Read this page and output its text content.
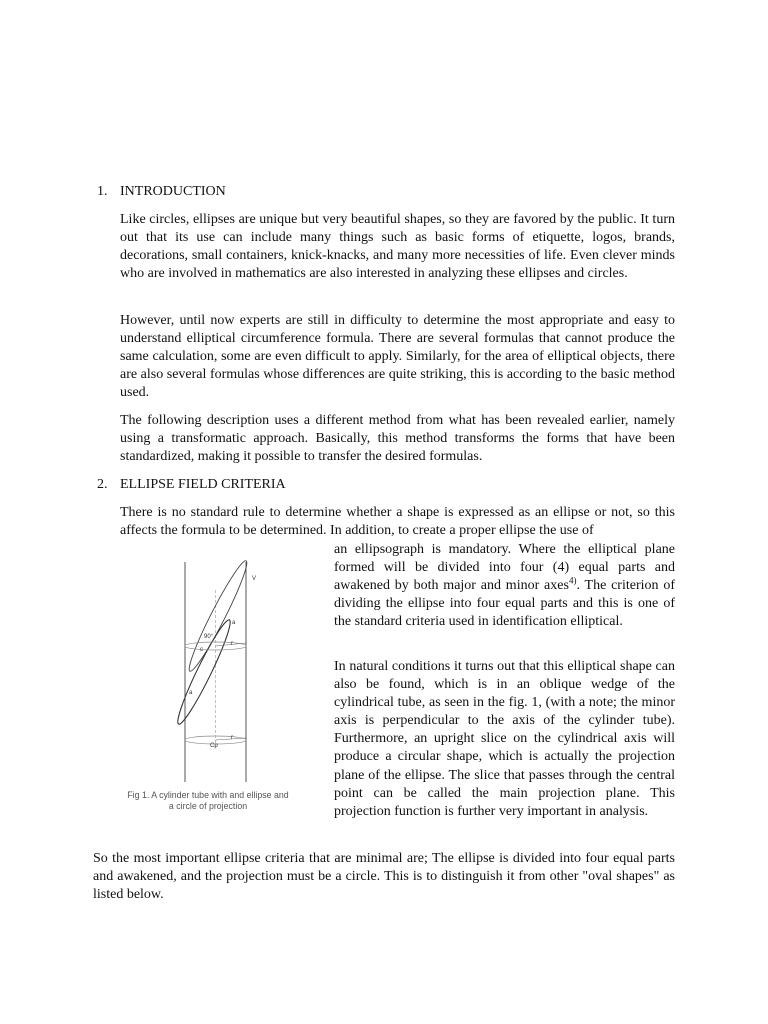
1. INTRODUCTION

Like circles, ellipses are unique but very beautiful shapes, so they are favored by the public. It turn out that its use can include many things such as basic forms of etiquette, logos, brands, decorations, small containers, knick-knacks, and many more necessities of life. Even clever minds who are involved in mathematics are also interested in analyzing these ellipses and circles.

However, until now experts are still in difficulty to determine the most appropriate and easy to understand elliptical circumference formula. There are several formulas that cannot produce the same calculation, some are even difficult to apply. Similarly, for the area of elliptical objects, there are also several formulas whose differences are quite striking, this is according to the basic method used.

The following description uses a different method from what has been revealed earlier, namely using a transformatic approach. Basically, this method transforms the forms that have been standardized, making it possible to transfer the desired formulas.

2. ELLIPSE FIELD CRITERIA

There is no standard rule to determine whether a shape is expressed as an ellipse or not, so this affects the formula to be determined. In addition, to create a proper ellipse the use of

an ellipsograph is mandatory. Where the elliptical plane formed will be divided into four (4) equal parts and awakened by both major and minor axes$^{4)}$. The criterion of dividing the ellipse into four equal parts and this is one of the standard criteria used in identification elliptical.

In natural conditions it turns out that this elliptical shape can also be found, which is in an oblique wedge of the cylindrical tube, as seen in the fig. 1, (with a note; the minor axis is perpendicular to the axis of the cylinder tube). Furthermore, an upright slice on the cylindrical axis will produce a circular shape, which is actually the projection plane of the ellipse. The slice that passes through the central point can be called the main projection plane. This projection function is further very important in analysis.

So the most important ellipse criteria that are minimal are; The ellipse is divided into four equal parts and awakened, and the projection must be a circle. This is to distinguish it from other "oval shapes" as listed below.

V
a
90°
c
r
a
Cp
r
Fig 1. A cylinder tube with and ellipse and
a circle of projection
